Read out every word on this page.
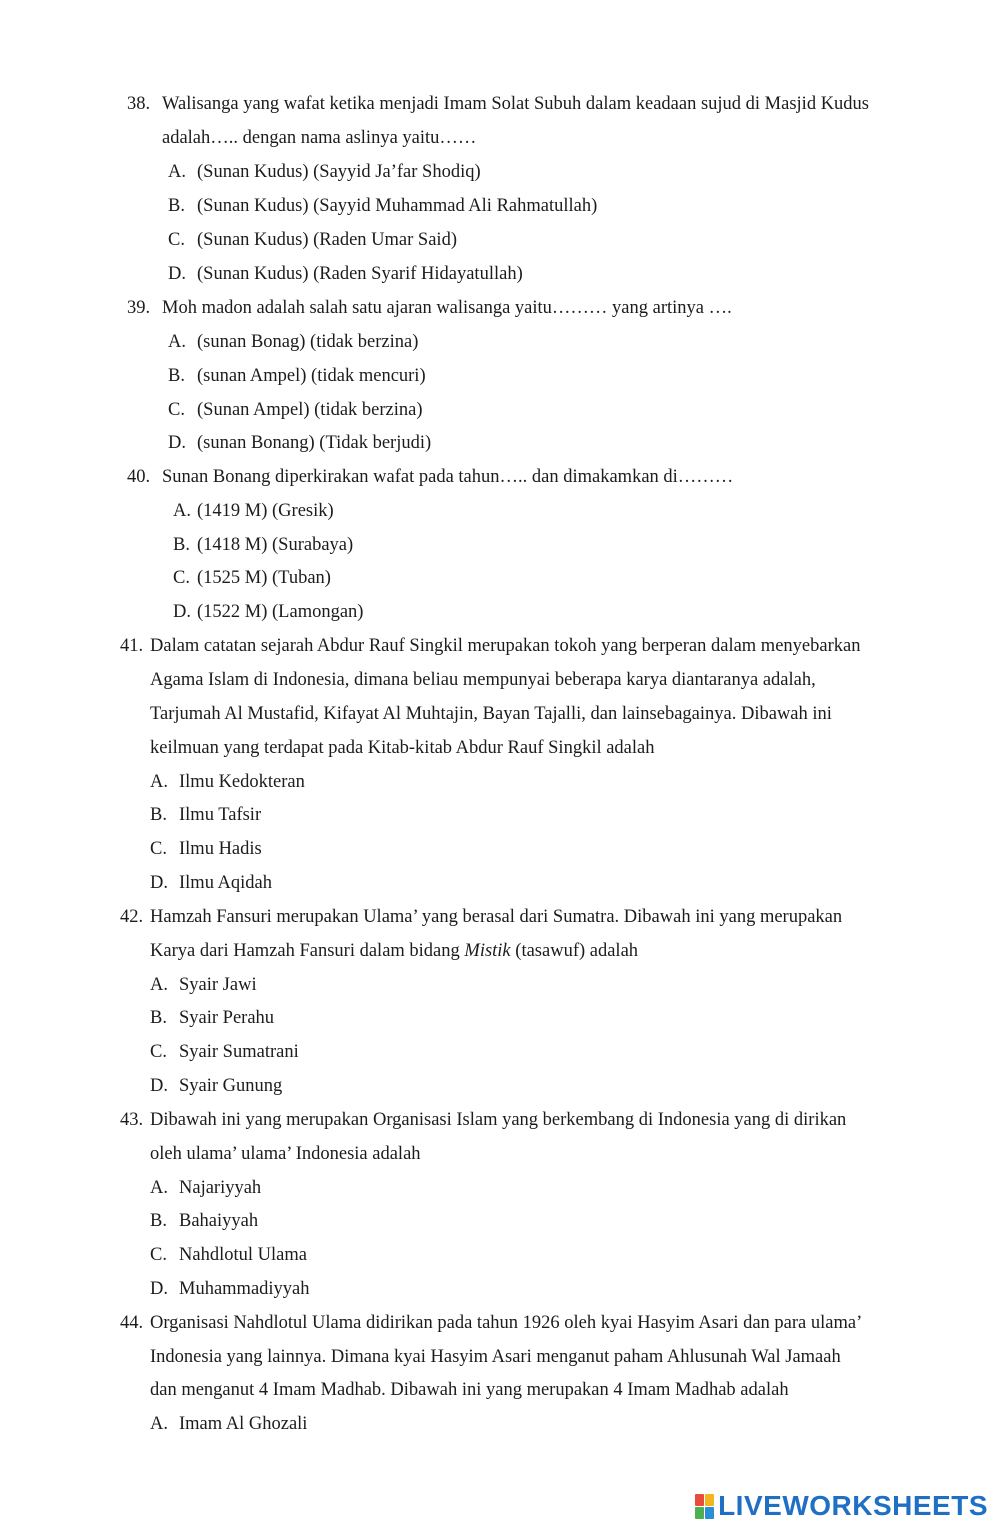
38. Walisanga yang wafat ketika menjadi Imam Solat Subuh dalam keadaan sujud di Masjid Kudus
adalah….. dengan nama aslinya yaitu……
A. (Sunan Kudus) (Sayyid Ja’far Shodiq)
B. (Sunan Kudus) (Sayyid Muhammad Ali Rahmatullah)
C. (Sunan Kudus) (Raden Umar Said)
D. (Sunan Kudus) (Raden Syarif Hidayatullah)
39. Moh madon adalah salah satu ajaran walisanga yaitu……… yang artinya ….
A. (sunan Bonag) (tidak berzina)
B. (sunan Ampel) (tidak mencuri)
C. (Sunan Ampel) (tidak berzina)
D. (sunan Bonang) (Tidak berjudi)
40. Sunan Bonang diperkirakan wafat pada tahun….. dan dimakamkan di………
A. (1419 M) (Gresik)
B. (1418 M) (Surabaya)
C. (1525 M) (Tuban)
D. (1522 M) (Lamongan)
41. Dalam catatan sejarah Abdur Rauf Singkil merupakan tokoh yang berperan dalam menyebarkan
Agama Islam di Indonesia, dimana beliau mempunyai beberapa karya diantaranya adalah,
Tarjumah Al Mustafid, Kifayat Al Muhtajin, Bayan Tajalli, dan lainsebagainya. Dibawah ini
keilmuan yang terdapat pada Kitab-kitab Abdur Rauf Singkil adalah
A. Ilmu Kedokteran
B. Ilmu Tafsir
C. Ilmu Hadis
D. Ilmu Aqidah
42. Hamzah Fansuri merupakan Ulama’ yang berasal dari Sumatra. Dibawah ini yang merupakan
Karya dari Hamzah Fansuri dalam bidang Mistik (tasawuf) adalah
A. Syair Jawi
B. Syair Perahu
C. Syair Sumatrani
D. Syair Gunung
43. Dibawah ini yang merupakan Organisasi Islam yang berkembang di Indonesia yang di dirikan
oleh ulama’ ulama’ Indonesia adalah
A. Najariyyah
B. Bahaiyyah
C. Nahdlotul Ulama
D. Muhammadiyyah
44. Organisasi Nahdlotul Ulama didirikan pada tahun 1926 oleh kyai Hasyim Asari dan para ulama’
Indonesia yang lainnya. Dimana kyai Hasyim Asari menganut paham Ahlusunah Wal Jamaah
dan menganut 4 Imam Madhab. Dibawah ini yang merupakan 4 Imam Madhab adalah
A. Imam Al Ghozali
LIVEWORKSHEETS
